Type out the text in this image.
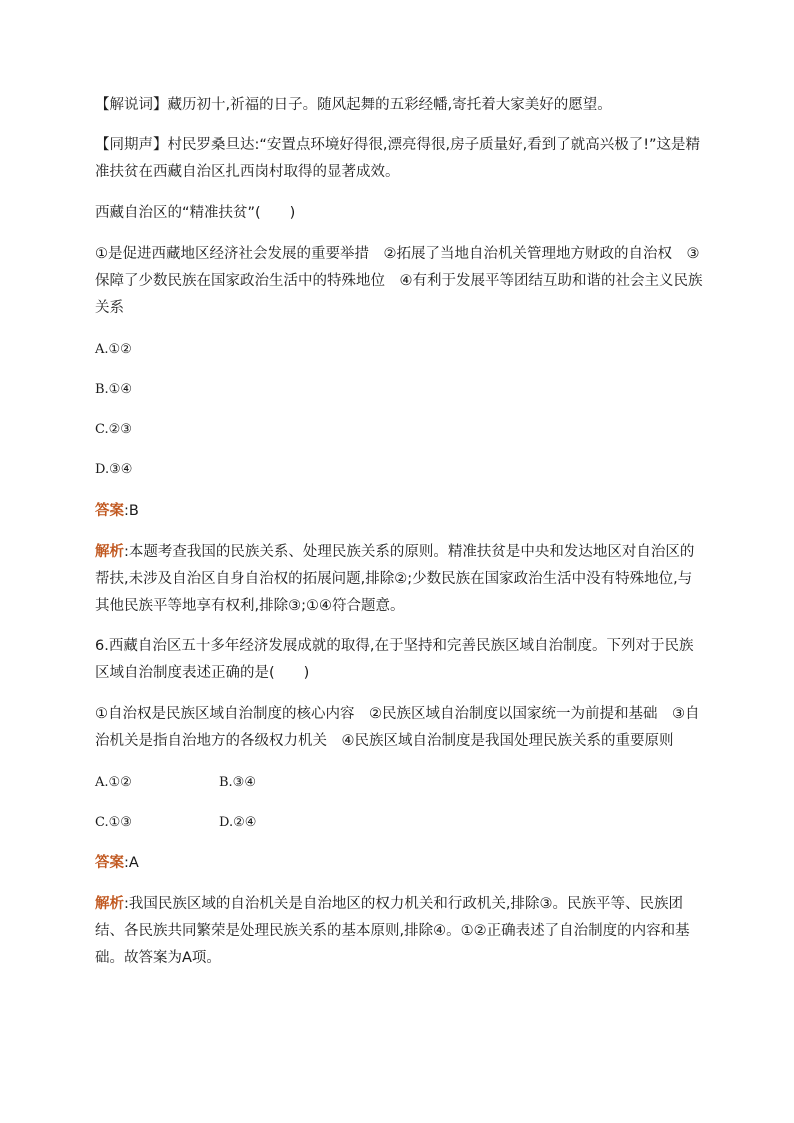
【解说词】藏历初十,祈福的日子。随风起舞的五彩经幡,寄托着大家美好的愿望。

【同期声】村民罗桑旦达:“安置点环境好得很,漂亮得很,房子质量好,看到了就高兴极了!”这是精准扶贫在西藏自治区扎西岗村取得的显著成效。

西藏自治区的“精准扶贫”(　　)

①是促进西藏地区经济社会发展的重要举措　②拓展了当地自治机关管理地方财政的自治权　③保障了少数民族在国家政治生活中的特殊地位　④有利于发展平等团结互助和谐的社会主义民族关系

A.①②
B.①④
C.②③
D.③④

答案:B

解析:本题考查我国的民族关系、处理民族关系的原则。精准扶贫是中央和发达地区对自治区的帮扶,未涉及自治区自身自治权的拓展问题,排除②;少数民族在国家政治生活中没有特殊地位,与其他民族平等地享有权利,排除③;①④符合题意。

6.西藏自治区五十多年经济发展成就的取得,在于坚持和完善民族区域自治制度。下列对于民族区域自治制度表述正确的是(　　)

①自治权是民族区域自治制度的核心内容　②民族区域自治制度以国家统一为前提和基础　③自治机关是指自治地方的各级权力机关　④民族区域自治制度是我国处理民族关系的重要原则

A.①②	B.③④
C.①③	D.②④

答案:A

解析:我国民族区域的自治机关是自治地区的权力机关和行政机关,排除③。民族平等、民族团结、各民族共同繁荣是处理民族关系的基本原则,排除④。①②正确表述了自治制度的内容和基础。故答案为A项。
